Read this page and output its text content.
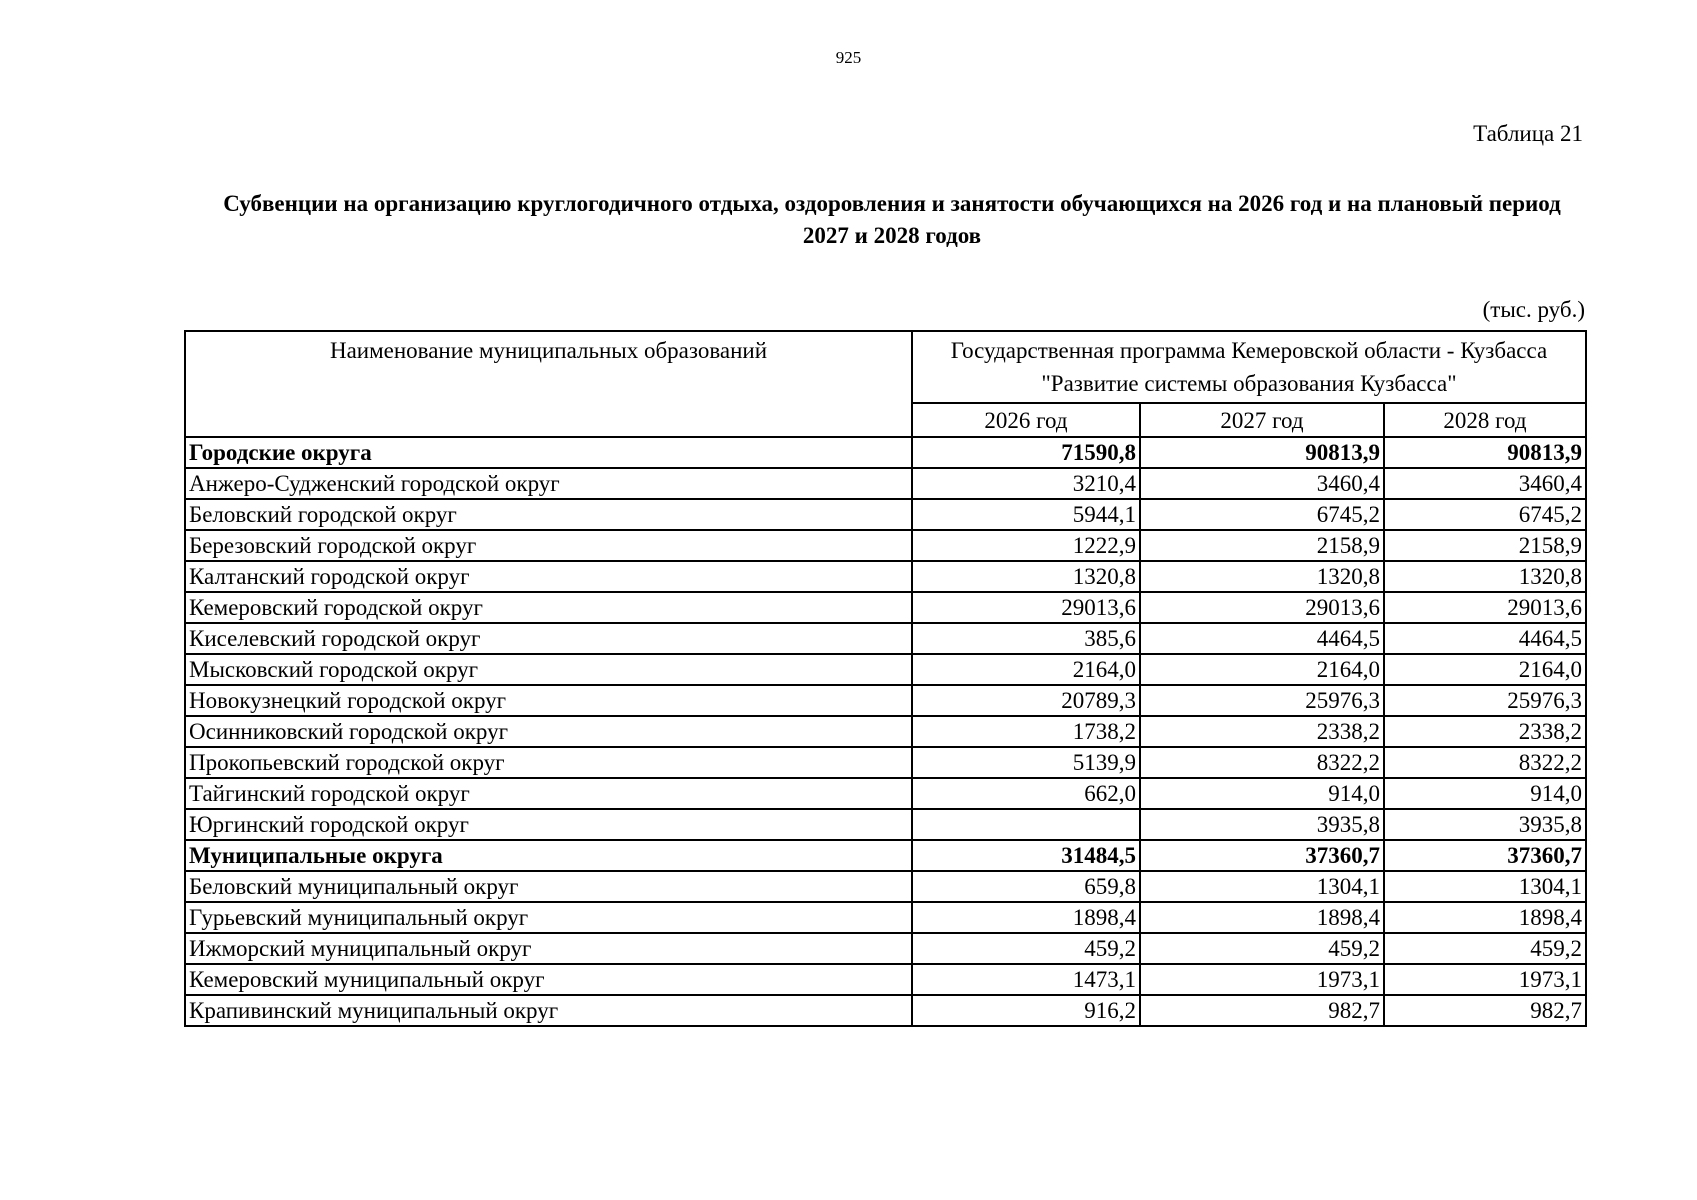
925
Таблица 21
Субвенции на организацию круглогодичного отдыха, оздоровления и занятости обучающихся на 2026 год и на плановый период 2027 и 2028 годов
(тыс. руб.)
Наименование муниципальных образований	Государственная программа Кемеровской области - Кузбасса "Развитие системы образования Кузбасса"		
	2026 год	2027 год	2028 год
Городские округа	71590,8	90813,9	90813,9
Анжеро-Судженский городской округ	3210,4	3460,4	3460,4
Беловский городской округ	5944,1	6745,2	6745,2
Березовский городской округ	1222,9	2158,9	2158,9
Калтанский городской округ	1320,8	1320,8	1320,8
Кемеровский городской округ	29013,6	29013,6	29013,6
Киселевский городской округ	385,6	4464,5	4464,5
Мысковский городской округ	2164,0	2164,0	2164,0
Новокузнецкий городской округ	20789,3	25976,3	25976,3
Осинниковский городской округ	1738,2	2338,2	2338,2
Прокопьевский городской округ	5139,9	8322,2	8322,2
Тайгинский городской округ	662,0	914,0	914,0
Юргинский городской округ		3935,8	3935,8
Муниципальные округа	31484,5	37360,7	37360,7
Беловский муниципальный округ	659,8	1304,1	1304,1
Гурьевский муниципальный округ	1898,4	1898,4	1898,4
Ижморский муниципальный округ	459,2	459,2	459,2
Кемеровский муниципальный округ	1473,1	1973,1	1973,1
Крапивинский муниципальный округ	916,2	982,7	982,7
